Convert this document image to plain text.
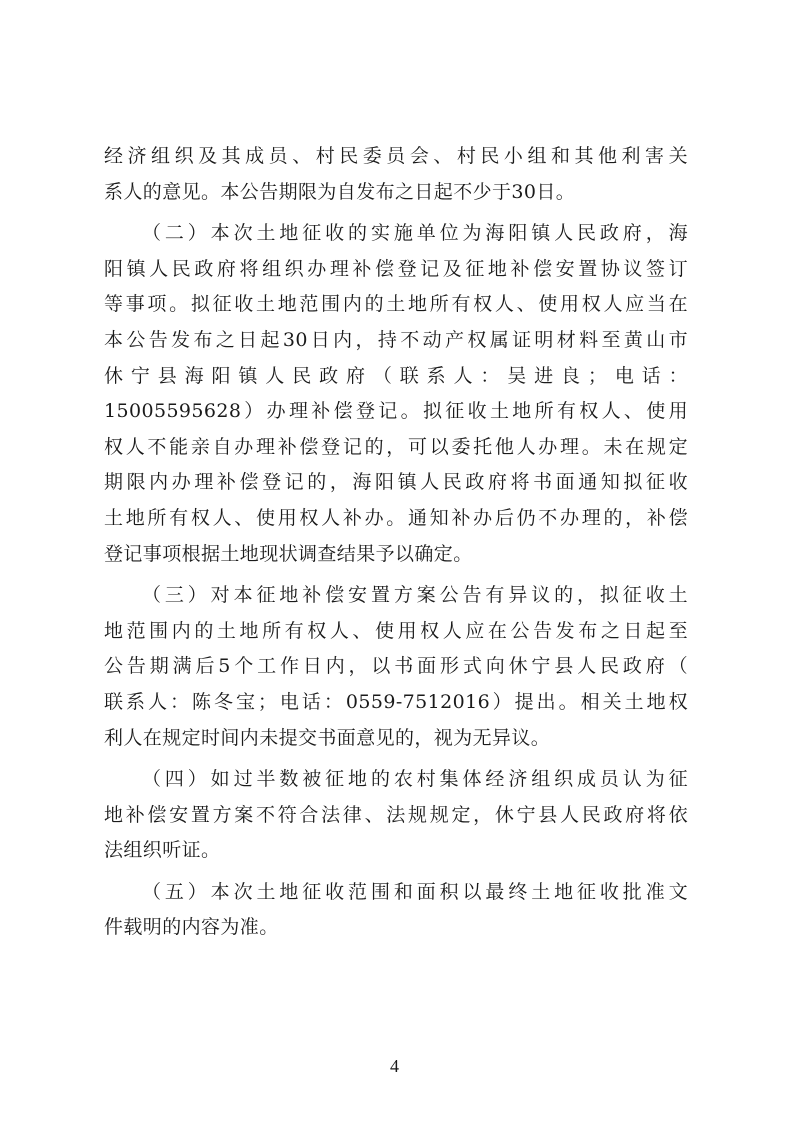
经济组织及其成员、村民委员会、村民小组和其他利害关
系人的意见。本公告期限为自发布之日起不少于30日。
（二）本次土地征收的实施单位为海阳镇人民政府，海
阳镇人民政府将组织办理补偿登记及征地补偿安置协议签订
等事项。拟征收土地范围内的土地所有权人、使用权人应当在
本公告发布之日起30日内，持不动产权属证明材料至黄山市
休宁县海阳镇人民政府（联系人：吴进良；电话：
15005595628）办理补偿登记。拟征收土地所有权人、使用
权人不能亲自办理补偿登记的，可以委托他人办理。未在规定
期限内办理补偿登记的，海阳镇人民政府将书面通知拟征收
土地所有权人、使用权人补办。通知补办后仍不办理的，补偿
登记事项根据土地现状调查结果予以确定。
（三）对本征地补偿安置方案公告有异议的，拟征收土
地范围内的土地所有权人、使用权人应在公告发布之日起至
公告期满后5个工作日内，以书面形式向休宁县人民政府（
联系人：陈冬宝；电话：0559-7512016）提出。相关土地权
利人在规定时间内未提交书面意见的，视为无异议。
（四）如过半数被征地的农村集体经济组织成员认为征
地补偿安置方案不符合法律、法规规定，休宁县人民政府将依
法组织听证。
（五）本次土地征收范围和面积以最终土地征收批准文
件载明的内容为准。
4
